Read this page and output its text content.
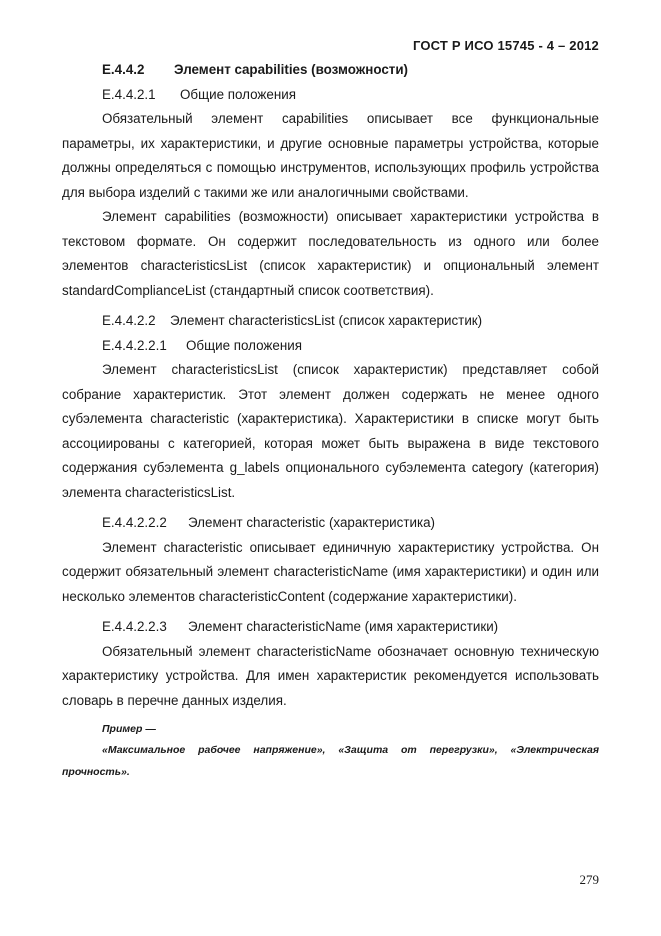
ГОСТ Р ИСО 15745 - 4 – 2012

E.4.4.2 Элемент capabilities (возможности)

E.4.4.2.1 Общие положения

Обязательный элемент capabilities описывает все функциональные параметры, их характеристики, и другие основные параметры устройства, которые должны определяться с помощью инструментов, использующих профиль устройства для выбора изделий с такими же или аналогичными свойствами.

Элемент capabilities (возможности) описывает характеристики устройства в текстовом формате. Он содержит последовательность из одного или более элементов characteristicsList (список характеристик) и опциональный элемент standardComplianceList (стандартный список соответствия).

E.4.4.2.2 Элемент characteristicsList (список характеристик)

E.4.4.2.2.1 Общие положения

Элемент characteristicsList (список характеристик) представляет собой собрание характеристик. Этот элемент должен содержать не менее одного субэлемента characteristic (характеристика). Характеристики в списке могут быть ассоциированы с категорией, которая может быть выражена в виде текстового содержания субэлемента g_labels опционального субэлемента category (категория) элемента characteristicsList.

E.4.4.2.2.2 Элемент characteristic (характеристика)

Элемент characteristic описывает единичную характеристику устройства. Он содержит обязательный элемент characteristicName (имя характеристики) и один или несколько элементов characteristicContent (содержание характеристики).

E.4.4.2.2.3 Элемент characteristicName (имя характеристики)

Обязательный элемент characteristicName обозначает основную техническую характеристику устройства. Для имен характеристик рекомендуется использовать словарь в перечне данных изделия.

Пример —

«Максимальное рабочее напряжение», «Защита от перегрузки», «Электрическая прочность».

279
